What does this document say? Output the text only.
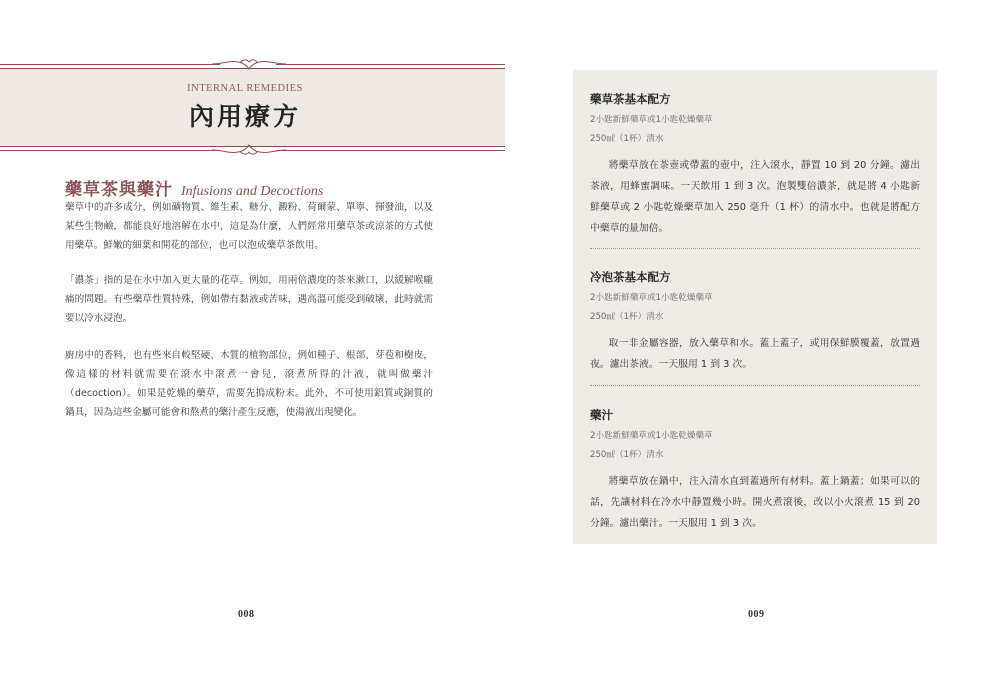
INTERNAL REMEDIES
內用療方
藥草茶與藥汁 Infusions and Decoctions

藥草中的許多成分，例如礦物質、維生素、糖分、澱粉、荷爾蒙、單寧、揮發油，以及某些生物鹼，都能良好地溶解在水中，這是為什麼，人們經常用藥草茶或涼茶的方式使用藥草。鮮嫩的細葉和開花的部位，也可以泡成藥草茶飲用。

「濃茶」指的是在水中加入更大量的花草。例如，用兩倍濃度的茶來漱口，以緩解喉嚨痛的問題。有些藥草性質特殊，例如帶有黏液或苦味，遇高溫可能受到破壞，此時就需要以冷水浸泡。

廚房中的香料，也有些來自較堅硬、木質的植物部位，例如種子、根部、芽苞和樹皮，像這樣的材料就需要在滾水中滾煮一會兒，滾煮所得的汁液，就叫做藥汁（decoction）。如果是乾燥的藥草，需要先搗成粉末。此外，不可使用鋁質或銅質的鍋具，因為這些金屬可能會和熬煮的藥汁產生反應，使湯液出現變化。

008
藥草茶基本配方

2小匙新鮮藥草或1小匙乾燥藥草

250㎖（1杯）清水

將藥草放在茶壺或帶蓋的壺中，注入滾水，靜置 10 到 20 分鐘。濾出茶液，用蜂蜜調味。一天飲用 1 到 3 次。泡製雙倍濃茶，就是將 4 小匙新鮮藥草或 2 小匙乾燥藥草加入 250 毫升（1 杯）的清水中。也就是將配方中藥草的量加倍。

冷泡茶基本配方

2小匙新鮮藥草或1小匙乾燥藥草

250㎖（1杯）清水

取一非金屬容器，放入藥草和水。蓋上蓋子，或用保鮮膜覆蓋，放置過夜。濾出茶液。一天服用 1 到 3 次。

藥汁

2小匙新鮮藥草或1小匙乾燥藥草

250㎖（1杯）清水

將藥草放在鍋中，注入清水直到蓋過所有材料。蓋上鍋蓋；如果可以的話，先讓材料在冷水中靜置幾小時。開火煮滾後，改以小火滾煮 15 到 20 分鐘。濾出藥汁。一天服用 1 到 3 次。

009
